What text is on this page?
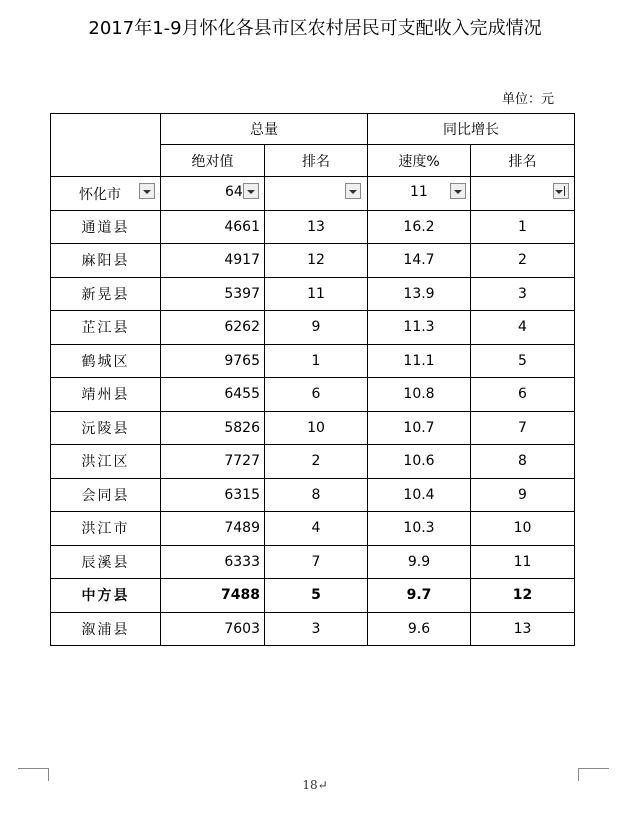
2017年1-9月怀化各县市区农村居民可支配收入完成情况
单位：元
	总量		同比增长	
	绝对值	排名	速度%	排名

怀化市	64		11	

通道县	4661	13	16.2	1
麻阳县	4917	12	14.7	2
新晃县	5397	11	13.9	3
芷江县	6262	9	11.3	4
鹤城区	9765	1	11.1	5
靖州县	6455	6	10.8	6
沅陵县	5826	10	10.7	7
洪江区	7727	2	10.6	8
会同县	6315	8	10.4	9
洪江市	7489	4	10.3	10
辰溪县	6333	7	9.9	11
中方县	7488	5	9.7	12
溆浦县	7603	3	9.6	13
18↵
